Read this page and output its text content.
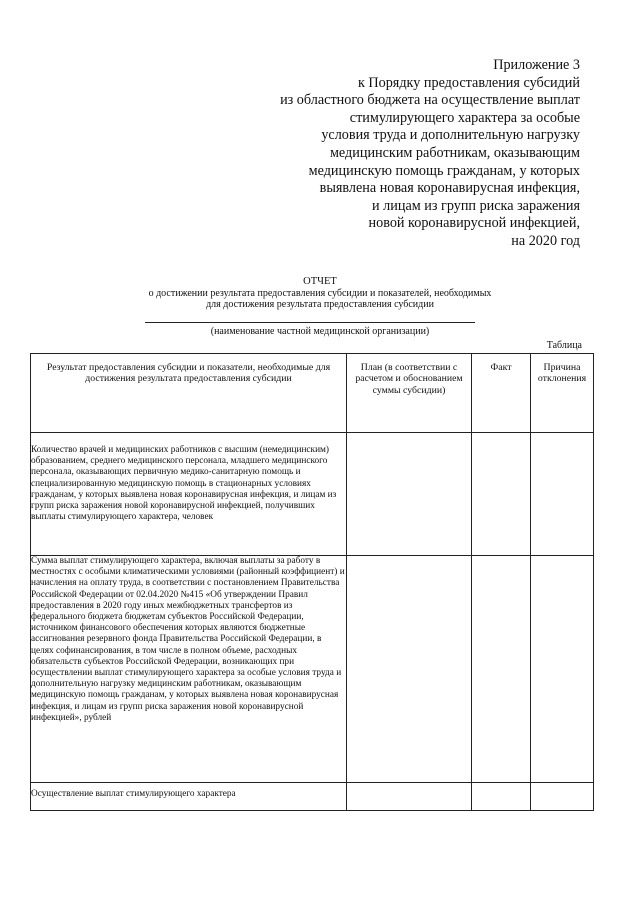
Приложение 3
к Порядку предоставления субсидий
из областного бюджета на осуществление выплат
стимулирующего характера за особые
условия труда и дополнительную нагрузку
медицинским работникам, оказывающим
медицинскую помощь гражданам, у которых
выявлена новая коронавирусная инфекция,
и лицам из групп риска заражения
новой коронавирусной инфекцией,
на 2020 год
ОТЧЕТ
о достижении результата предоставления субсидии и показателей, необходимых
для достижения результата предоставления субсидии
(наименование частной медицинской организации)
Таблица
Результат предоставления субсидии и показатели, необходимые для достижения результата предоставления субсидии	План (в соответствии с расчетом и обоснованием суммы субсидии)	Факт	Причина отклонения
Количество врачей и медицинских работников с высшим (немедицинским) образованием, среднего медицинского персонала, младшего медицинского персонала, оказывающих первичную медико-санитарную помощь и специализированную медицинскую помощь в стационарных условиях гражданам, у которых выявлена новая коронавирусная инфекция, и лицам из групп риска заражения новой коронавирусной инфекцией, получивших выплаты стимулирующего характера, человек			
Сумма выплат стимулирующего характера, включая выплаты за работу в местностях с особыми климатическими условиями (районный коэффициент) и начисления на оплату труда, в соответствии с постановлением Правительства Российской Федерации от 02.04.2020 №415 «Об утверждении Правил предоставления в 2020 году иных межбюджетных трансфертов из федерального бюджета бюджетам субъектов Российской Федерации, источником финансового обеспечения которых являются бюджетные ассигнования резервного фонда Правительства Российской Федерации, в целях софинансирования, в том числе в полном объеме, расходных обязательств субъектов Российской Федерации, возникающих при осуществлении выплат стимулирующего характера за особые условия труда и дополнительную нагрузку медицинским работникам, оказывающим медицинскую помощь гражданам, у которых выявлена новая коронавирусная инфекция, и лицам из групп риска заражения новой коронавирусной инфекцией», рублей			
Осуществление выплат стимулирующего характера			
